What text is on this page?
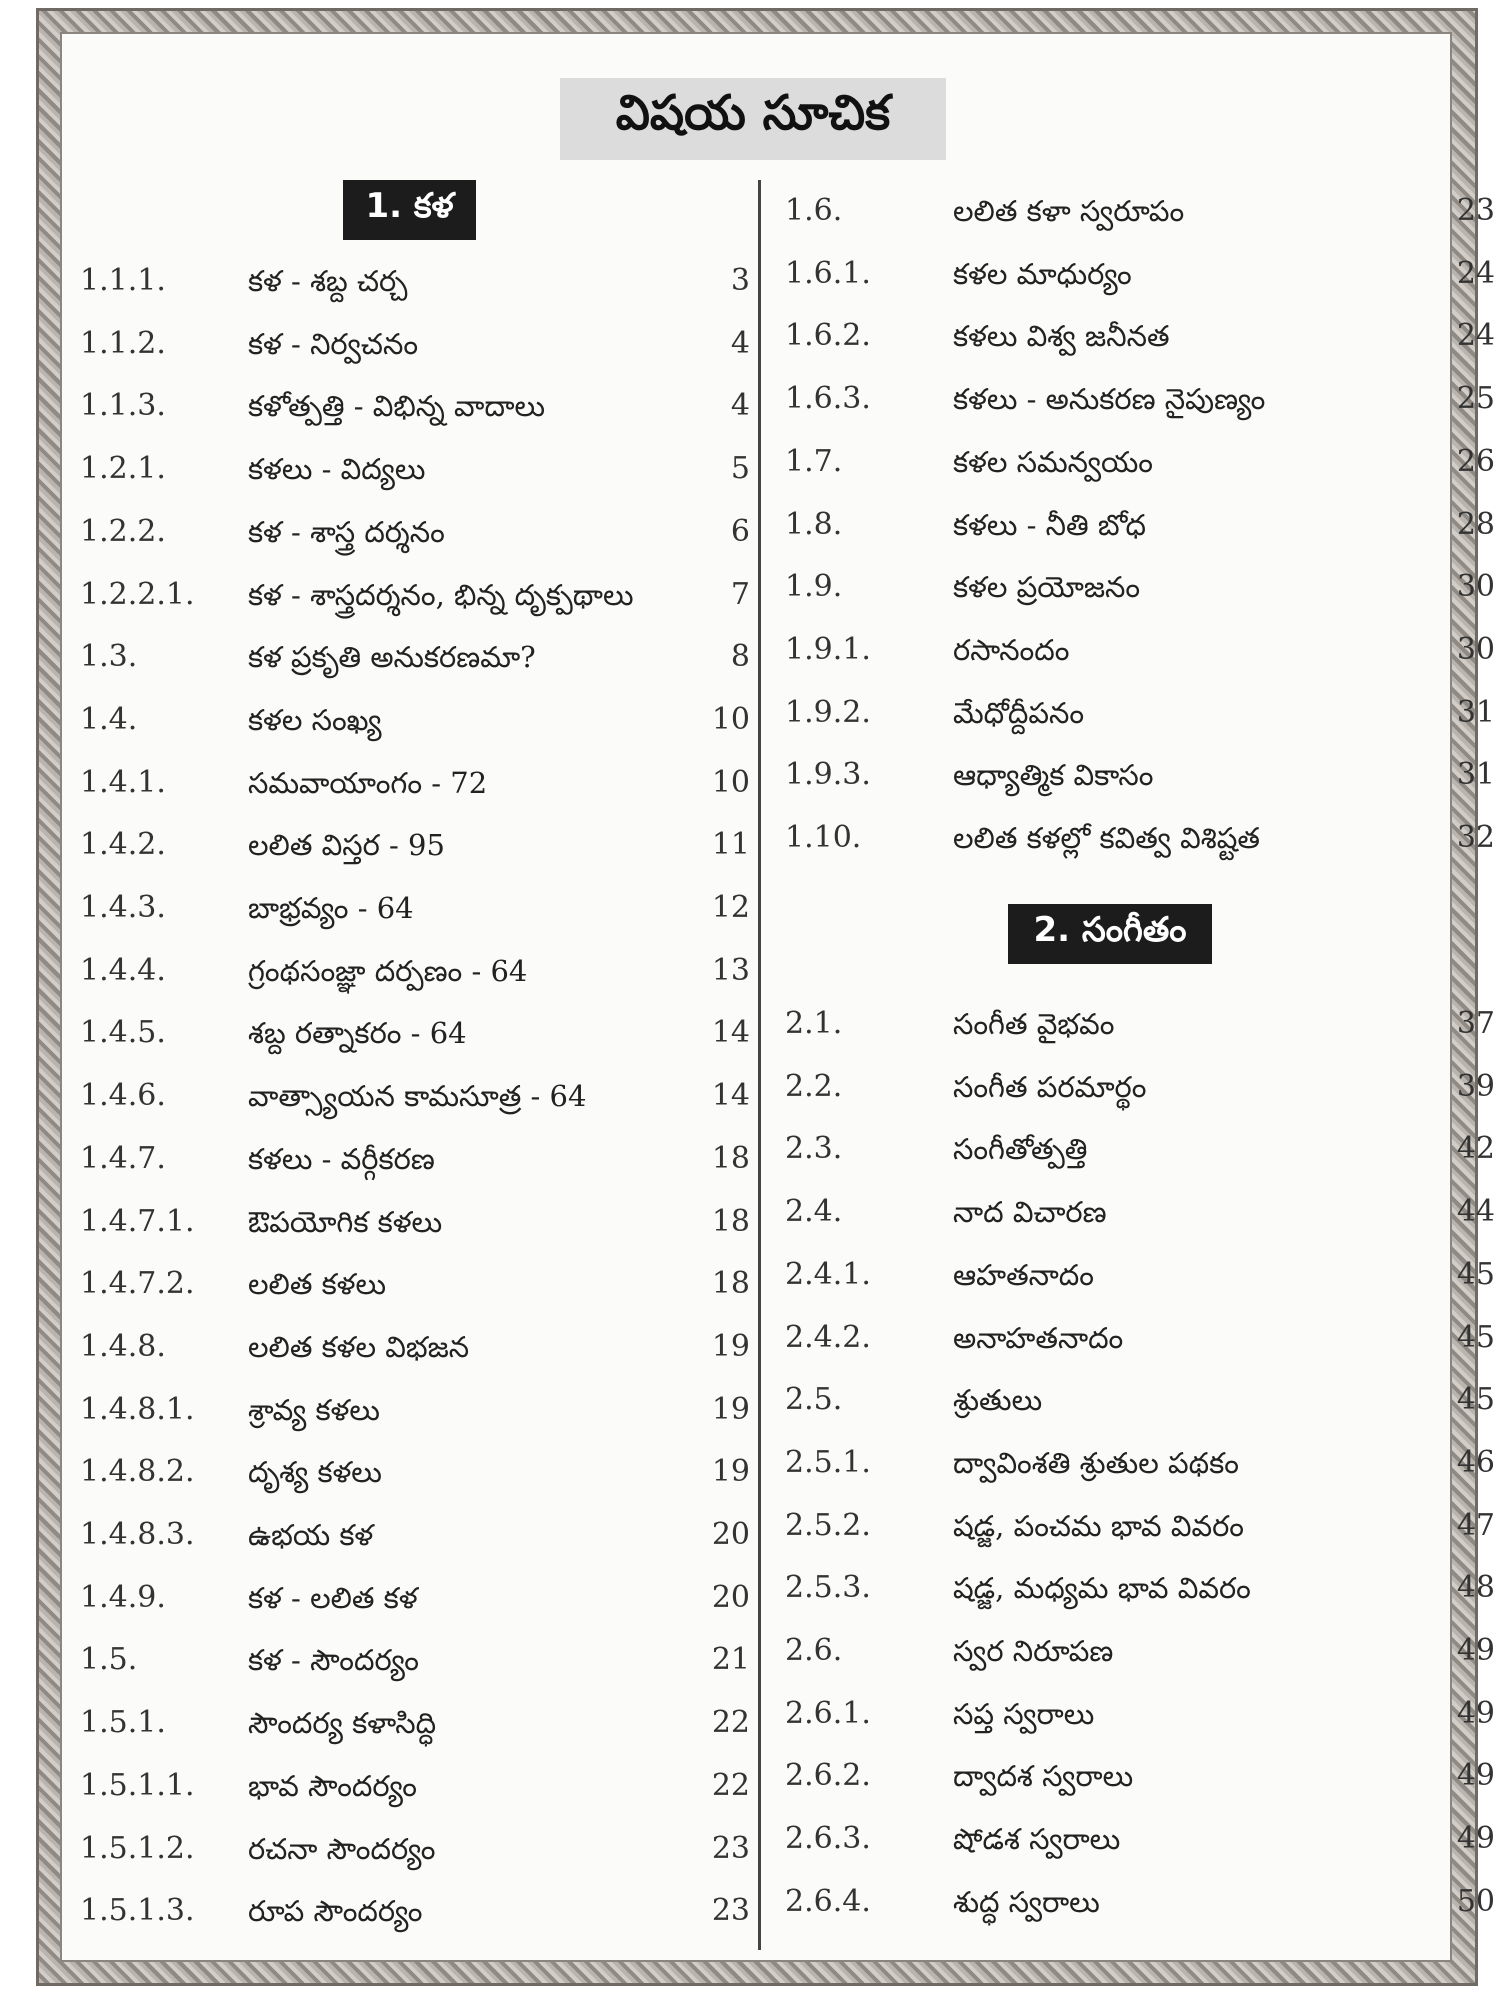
విషయ సూచిక
1. కళ
2. సంగీతం
1.1.1.	కళ - శబ్ద చర్చ	3
1.1.2.	కళ - నిర్వచనం	4
1.1.3.	కళోత్పత్తి - విభిన్న వాదాలు	4
1.2.1.	కళలు - విద్యలు	5
1.2.2.	కళ - శాస్త్ర దర్శనం	6
1.2.2.1. కళ - శాస్త్రదర్శనం, భిన్న దృక్పథాలు	7
1.3.	కళ ప్రకృతి అనుకరణమా?	8
1.4.	కళల సంఖ్య	10
1.4.1.	సమవాయాంగం - 72	10
1.4.2.	లలిత విస్తర - 95	11
1.4.3.	బాభ్రవ్యం - 64	12
1.4.4.	గ్రంథసంజ్ఞా దర్పణం - 64	13
1.4.5.	శబ్ద రత్నాకరం - 64	14
1.4.6.	వాత్స్యాయన కామసూత్ర - 64	14
1.4.7.	కళలు - వర్గీకరణ	18
1.4.7.1. ఔపయోగిక కళలు	18
1.4.7.2. లలిత కళలు	18
1.4.8.	లలిత కళల విభజన	19
1.4.8.1. శ్రావ్య కళలు	19
1.4.8.2. దృశ్య కళలు	19
1.4.8.3. ఉభయ కళ	20
1.4.9.	కళ - లలిత కళ	20
1.5.	కళ - సౌందర్యం	21
1.5.1.	సౌందర్య కళాసిద్ధి	22
1.5.1.1. భావ సౌందర్యం	22
1.5.1.2. రచనా సౌందర్యం	23
1.5.1.3. రూప సౌందర్యం	23
1.6.	లలిత కళా స్వరూపం	23
1.6.1.	కళల మాధుర్యం	24
1.6.2.	కళలు విశ్వ జనీనత	24
1.6.3.	కళలు - అనుకరణ నైపుణ్యం	25
1.7.	కళల సమన్వయం	26
1.8.	కళలు - నీతి బోధ	28
1.9.	కళల ప్రయోజనం	30
1.9.1.	రసానందం	30
1.9.2.	మేధోద్దీపనం	31
1.9.3.	ఆధ్యాత్మిక వికాసం	31
1.10.	లలిత కళల్లో కవిత్వ విశిష్టత	32
2.1.	సంగీత వైభవం	37
2.2.	సంగీత పరమార్థం	39
2.3.	సంగీతోత్పత్తి	42
2.4.	నాద విచారణ	44
2.4.1.	ఆహతనాదం	45
2.4.2.	అనాహతనాదం	45
2.5.	శ్రుతులు	45
2.5.1.	ద్వావింశతి శ్రుతుల పథకం	46
2.5.2.	షడ్జ, పంచమ భావ వివరం	47
2.5.3.	షడ్జ, మధ్యమ భావ వివరం	48
2.6.	స్వర నిరూపణ	49
2.6.1.	సప్త స్వరాలు	49
2.6.2.	ద్వాదశ స్వరాలు	49
2.6.3.	షోడశ స్వరాలు	49
2.6.4.	శుద్ధ స్వరాలు	50
